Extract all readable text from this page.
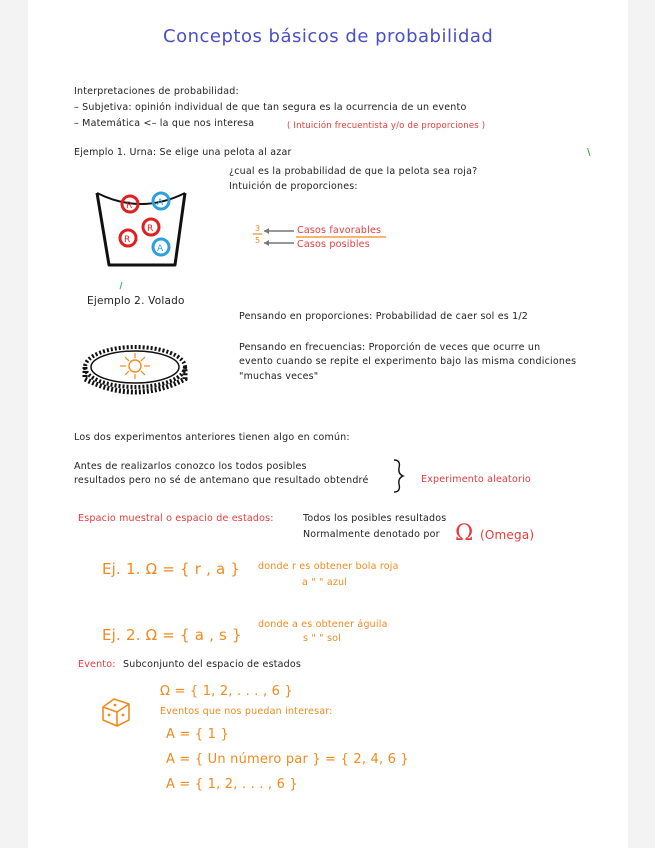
Conceptos básicos de probabilidad
Interpretaciones de probabilidad:
– Subjetiva: opinión individual de que tan segura es la ocurrencia de un evento
– Matemática <– la que nos interesa	( Intuición frecuentista y/o de proporciones )
Ejemplo 1. Urna: Se elige una pelota al azar	\
R	A
R
R
A
¿cual es la probabilidad de que la pelota sea roja?
Intuición de proporciones:
3
5
Casos favorables
Casos posibles
Ejemplo 2. Volado
Pensando en proporciones: Probabilidad de caer sol es 1/2
Pensando en frecuencias: Proporción de veces que ocurre un
evento cuando se repite el experimento bajo las misma condiciones
"muchas veces"
Los dos experimentos anteriores tienen algo en común:
Antes de realizarlos conozco los todos posibles
resultados pero no sé de antemano que resultado obtendré	Experimento aleatorio
Espacio muestral o espacio de estados:	Todos los posibles resultados
Normalmente denotado por Ω (Omega)
Ej. 1. Ω = { r , a } donde r es obtener bola roja
a " " azul
Ej. 2. Ω = { a , s }
donde a es obtener águila
s " " sol
Evento: Subconjunto del espacio de estados
Ω = { 1, 2, . . . , 6 }
Eventos que nos puedan interesar:
A = { 1 }
A = { Un número par } = { 2, 4, 6 }
A = { 1, 2, . . . , 6 }
